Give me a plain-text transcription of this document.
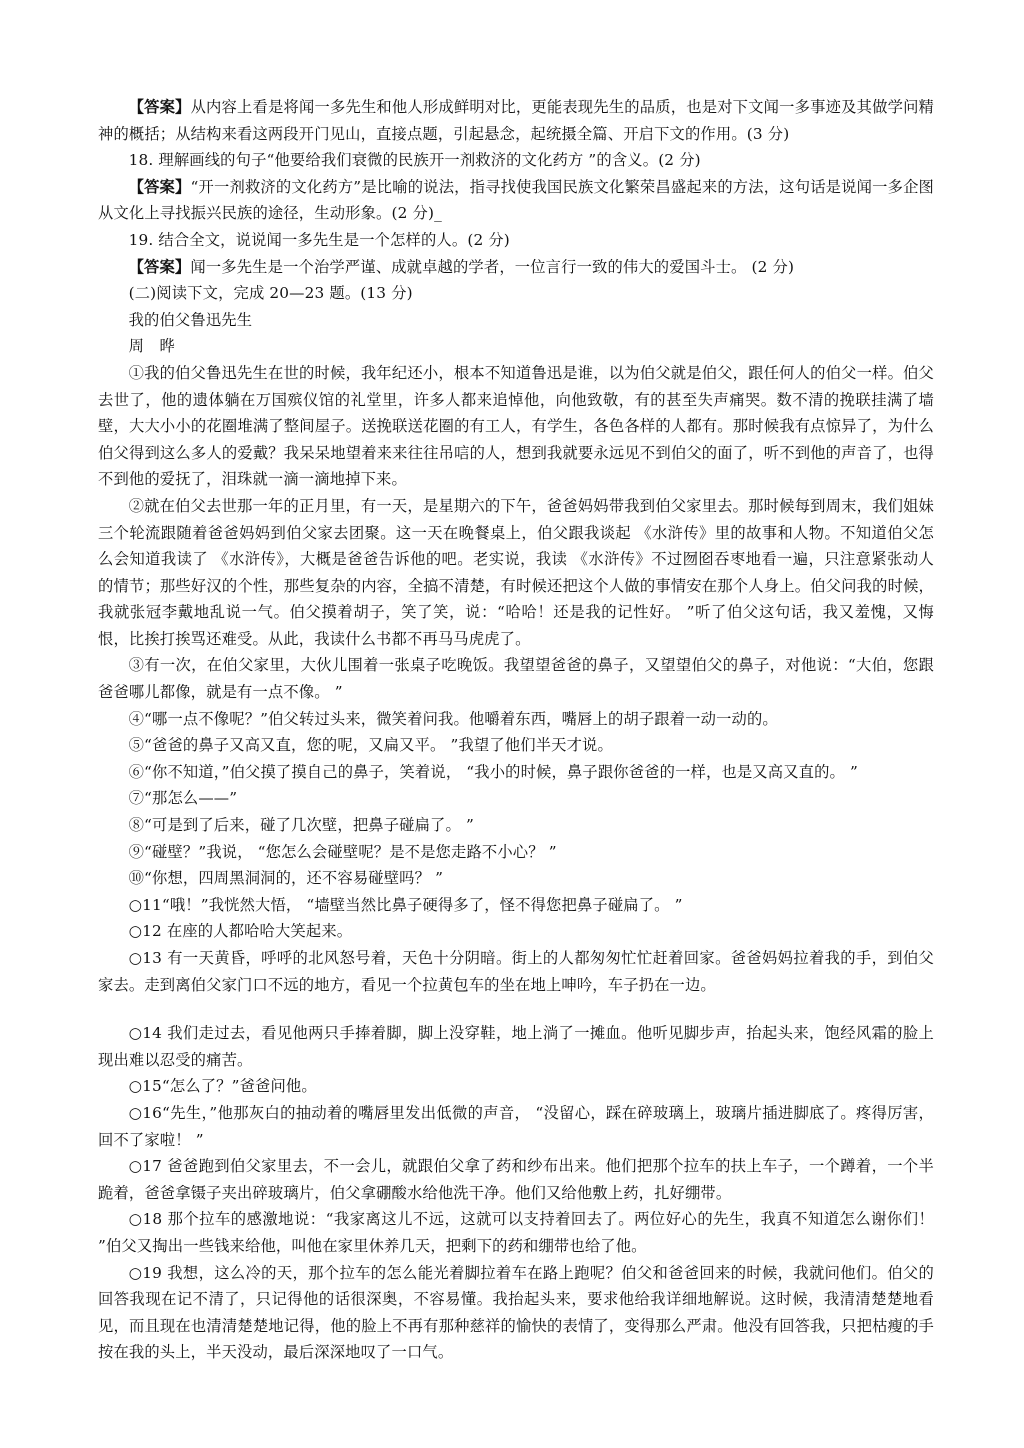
【答案】从内容上看是将闻一多先生和他人形成鲜明对比，更能表现先生的品质，也是对下文闻一多事迹及其做学问精神的概括；从结构来看这两段开门见山，直接点题，引起悬念，起统摄全篇、开启下文的作用。(3 分)

18. 理解画线的句子“他要给我们衰微的民族开一剂救济的文化药方 ”的含义。(2 分)

【答案】“开一剂救济的文化药方”是比喻的说法，指寻找使我国民族文化繁荣昌盛起来的方法，这句话是说闻一多企图从文化上寻找振兴民族的途径，生动形象。(2 分)_

19. 结合全文，说说闻一多先生是一个怎样的人。(2 分)

【答案】闻一多先生是一个治学严谨、成就卓越的学者，一位言行一致的伟大的爱国斗士。 (2 分)

(二)阅读下文，完成 20—23 题。(13 分)

我的伯父鲁迅先生

周　晔

①我的伯父鲁迅先生在世的时候，我年纪还小，根本不知道鲁迅是谁，以为伯父就是伯父，跟任何人的伯父一样。伯父去世了，他的遗体躺在万国殡仪馆的礼堂里，许多人都来追悼他，向他致敬，有的甚至失声痛哭。数不清的挽联挂满了墙壁，大大小小的花圈堆满了整间屋子。送挽联送花圈的有工人，有学生，各色各样的人都有。那时候我有点惊异了，为什么伯父得到这么多人的爱戴？我呆呆地望着来来往往吊唁的人，想到我就要永远见不到伯父的面了，听不到他的声音了，也得不到他的爱抚了，泪珠就一滴一滴地掉下来。

②就在伯父去世那一年的正月里，有一天，是星期六的下午，爸爸妈妈带我到伯父家里去。那时候每到周末，我们姐妹三个轮流跟随着爸爸妈妈到伯父家去团聚。这一天在晚餐桌上，伯父跟我谈起 《水浒传》里的故事和人物。不知道伯父怎么会知道我读了 《水浒传》，大概是爸爸告诉他的吧。老实说，我读 《水浒传》不过囫囵吞枣地看一遍，只注意紧张动人的情节；那些好汉的个性，那些复杂的内容，全搞不清楚，有时候还把这个人做的事情安在那个人身上。伯父问我的时候，我就张冠李戴地乱说一气。伯父摸着胡子，笑了笑，说：“哈哈！还是我的记性好。 ”听了伯父这句话，我又羞愧，又悔恨，比挨打挨骂还难受。从此，我读什么书都不再马马虎虎了。

③有一次，在伯父家里，大伙儿围着一张桌子吃晚饭。我望望爸爸的鼻子，又望望伯父的鼻子，对他说：“大伯，您跟爸爸哪儿都像，就是有一点不像。 ”

④“哪一点不像呢？”伯父转过头来，微笑着问我。他嚼着东西，嘴唇上的胡子跟着一动一动的。

⑤“爸爸的鼻子又高又直，您的呢，又扁又平。 ”我望了他们半天才说。

⑥“你不知道，”伯父摸了摸自己的鼻子，笑着说， “我小的时候，鼻子跟你爸爸的一样，也是又高又直的。 ”

⑦“那怎么——”

⑧“可是到了后来，碰了几次壁，把鼻子碰扁了。 ”

⑨“碰壁？”我说， “您怎么会碰壁呢？是不是您走路不小心？ ”

⑩“你想，四周黑洞洞的，还不容易碰壁吗？ ”

○11“哦！”我恍然大悟， “墙壁当然比鼻子硬得多了，怪不得您把鼻子碰扁了。 ”

○12 在座的人都哈哈大笑起来。

○13 有一天黄昏，呼呼的北风怒号着，天色十分阴暗。街上的人都匆匆忙忙赶着回家。爸爸妈妈拉着我的手，到伯父家去。走到离伯父家门口不远的地方，看见一个拉黄包车的坐在地上呻吟，车子扔在一边。

○14 我们走过去，看见他两只手捧着脚，脚上没穿鞋，地上淌了一摊血。他听见脚步声，抬起头来，饱经风霜的脸上现出难以忍受的痛苦。

○15“怎么了？”爸爸问他。

○16“先生，”他那灰白的抽动着的嘴唇里发出低微的声音， “没留心，踩在碎玻璃上，玻璃片插进脚底了。疼得厉害，回不了家啦！ ”

○17 爸爸跑到伯父家里去，不一会儿，就跟伯父拿了药和纱布出来。他们把那个拉车的扶上车子，一个蹲着，一个半跪着，爸爸拿镊子夹出碎玻璃片，伯父拿硼酸水给他洗干净。他们又给他敷上药，扎好绷带。

○18 那个拉车的感激地说：“我家离这儿不远，这就可以支持着回去了。两位好心的先生，我真不知道怎么谢你们！ ”伯父又掏出一些钱来给他，叫他在家里休养几天，把剩下的药和绷带也给了他。

○19 我想，这么冷的天，那个拉车的怎么能光着脚拉着车在路上跑呢？伯父和爸爸回来的时候，我就问他们。伯父的回答我现在记不清了，只记得他的话很深奥，不容易懂。我抬起头来，要求他给我详细地解说。这时候，我清清楚楚地看见，而且现在也清清楚楚地记得，他的脸上不再有那种慈祥的愉快的表情了，变得那么严肃。他没有回答我，只把枯瘦的手按在我的头上，半天没动，最后深深地叹了一口气。
